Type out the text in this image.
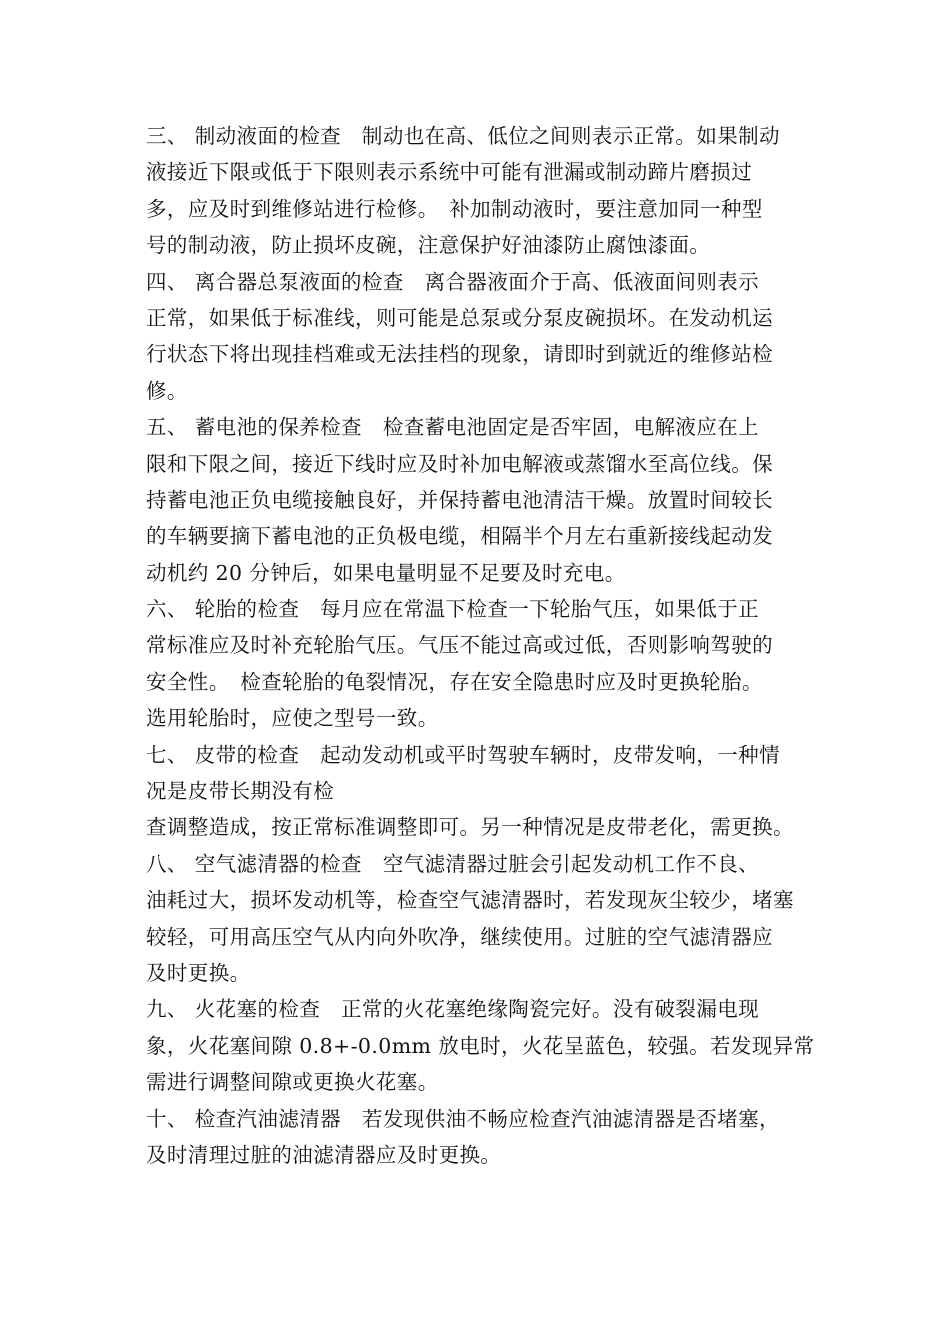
三、 制动液面的检查　制动也在高、低位之间则表示正常。如果制动
液接近下限或低于下限则表示系统中可能有泄漏或制动蹄片磨损过
多，应及时到维修站进行检修。　补加制动液时，要注意加同一种型
号的制动液，防止损坏皮碗，注意保护好油漆防止腐蚀漆面。
四、 离合器总泵液面的检查　离合器液面介于高、低液面间则表示
正常，如果低于标准线，则可能是总泵或分泵皮碗损坏。在发动机运
行状态下将出现挂档难或无法挂档的现象，请即时到就近的维修站检
修。
五、 蓄电池的保养检查　检查蓄电池固定是否牢固，电解液应在上
限和下限之间，接近下线时应及时补加电解液或蒸馏水至高位线。保
持蓄电池正负电缆接触良好，并保持蓄电池清洁干燥。放置时间较长
的车辆要摘下蓄电池的正负极电缆，相隔半个月左右重新接线起动发
动机约 20 分钟后，如果电量明显不足要及时充电。
六、 轮胎的检查　每月应在常温下检查一下轮胎气压，如果低于正
常标准应及时补充轮胎气压。气压不能过高或过低，否则影响驾驶的
安全性。　检查轮胎的龟裂情况，存在安全隐患时应及时更换轮胎。
选用轮胎时，应使之型号一致。
七、 皮带的检查　起动发动机或平时驾驶车辆时，皮带发响，一种情
况是皮带长期没有检
查调整造成，按正常标准调整即可。另一种情况是皮带老化，需更换。
八、 空气滤清器的检查　空气滤清器过脏会引起发动机工作不良、
油耗过大，损坏发动机等，检查空气滤清器时，若发现灰尘较少，堵塞
较轻，可用高压空气从内向外吹净，继续使用。过脏的空气滤清器应
及时更换。
九、 火花塞的检查　正常的火花塞绝缘陶瓷完好。没有破裂漏电现
象，火花塞间隙 0.8+-0.0mm 放电时，火花呈蓝色，较强。若发现异常
需进行调整间隙或更换火花塞。
十、 检查汽油滤清器　若发现供油不畅应检查汽油滤清器是否堵塞，
及时清理过脏的油滤清器应及时更换。
